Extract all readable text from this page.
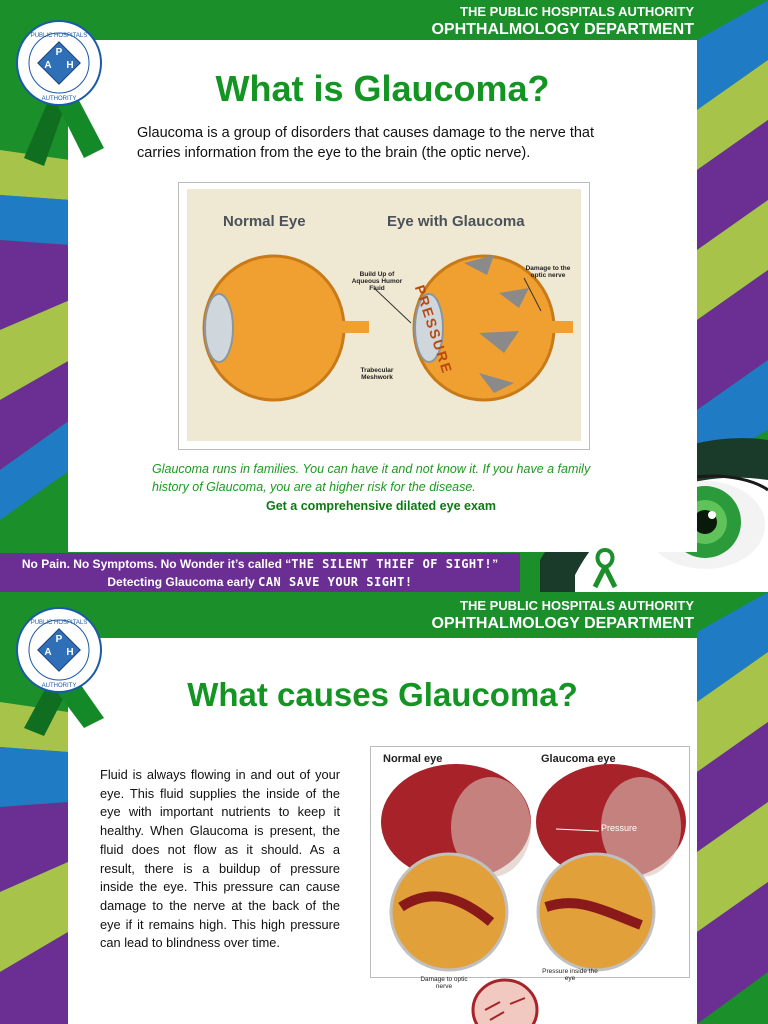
THE PUBLIC HOSPITALS AUTHORITY
OPHTHALMOLOGY DEPARTMENT
PUBLIC HOSPITALS
AUTHORITY
P
A H
What is Glaucoma?
Glaucoma is a group of disorders that causes damage to the nerve that carries information from the eye to the brain (the optic nerve).
Normal Eye	Eye with Glaucoma
Build Up of Aqueous Humor Fluid
Trabecular Meshwork
Damage to the optic nerve
PRESSURE
Glaucoma runs in families. You can have it and not know it. If you have a family history of Glaucoma, you are at higher risk for the disease.
Get a comprehensive dilated eye exam
No Pain. No Symptoms. No Wonder it’s called “THE SILENT THIEF OF SIGHT!”
Detecting Glaucoma early CAN SAVE YOUR SIGHT!
THE PUBLIC HOSPITALS AUTHORITY
OPHTHALMOLOGY DEPARTMENT
PUBLIC HOSPITALS
AUTHORITY
P
A H
What causes Glaucoma?
Fluid is always flowing in and out of your eye. This fluid supplies the inside of the eye with important nutrients to keep it healthy. When Glaucoma is present, the fluid does not flow as it should. As a result, there is a buildup of pressure inside the eye. This pressure can cause damage to the nerve at the back of the eye if it remains high. This high pressure can lead to blindness over time.
Normal eye	Glaucoma eye
Pressure
Damage to optic nerve
Pressure inside the eye
